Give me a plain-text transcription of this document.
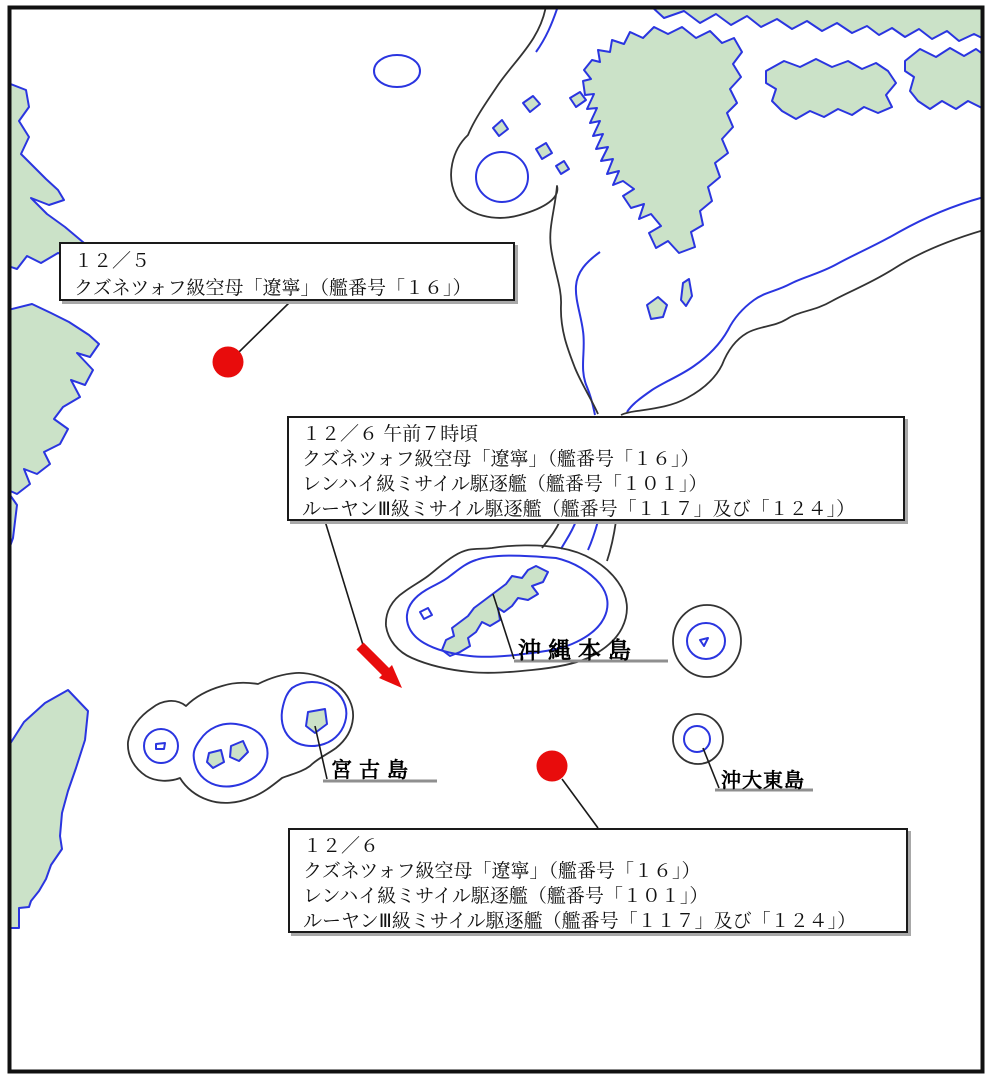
１２／５
クズネツォフ級空母「遼寧」（艦番号「１６」）
１２／６ 午前７時頃
クズネツォフ級空母「遼寧」（艦番号「１６」）
レンハイ級ミサイル駆逐艦（艦番号「１０１」）
ルーヤンⅢ級ミサイル駆逐艦（艦番号「１１７」及び「１２４」）
１２／６
クズネツォフ級空母「遼寧」（艦番号「１６」）
レンハイ級ミサイル駆逐艦（艦番号「１０１」）
ルーヤンⅢ級ミサイル駆逐艦（艦番号「１１７」及び「１２４」）
沖縄本島
宮古島	沖大東島
